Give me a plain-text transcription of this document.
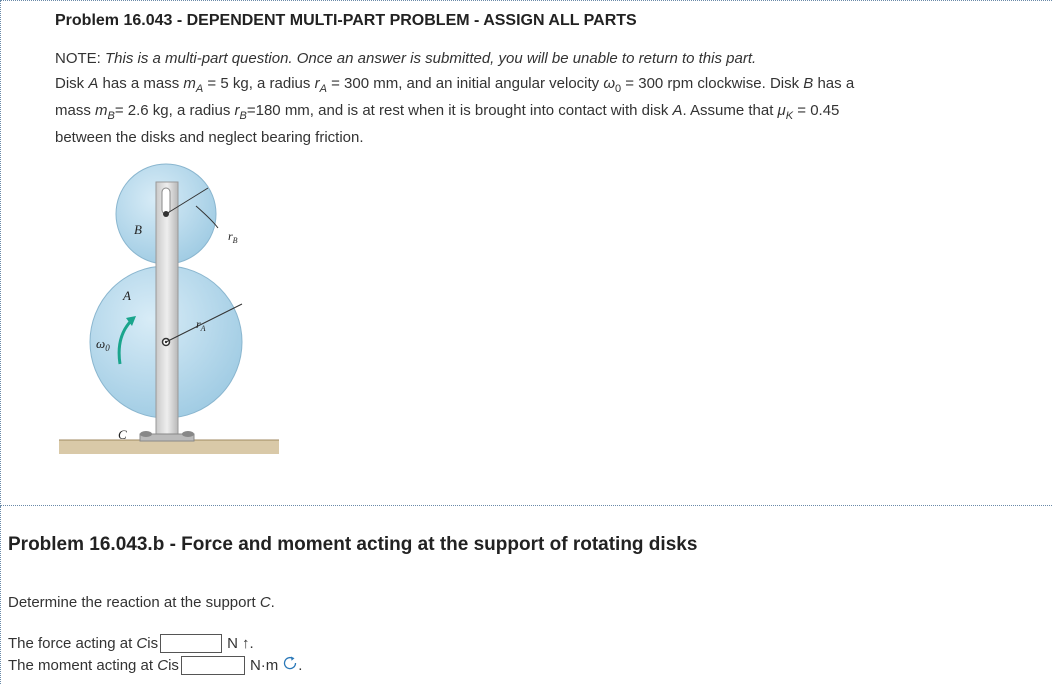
Problem 16.043 - DEPENDENT MULTI-PART PROBLEM - ASSIGN ALL PARTS
NOTE: This is a multi-part question. Once an answer is submitted, you will be unable to return to this part.
Disk A has a mass $m_A = 5$ kg, a radius $r_A = 300$ mm, and an initial angular velocity $\omega_0 = 300$ rpm clockwise. Disk B has a
mass $m_B= 2.6$ kg, a radius $r_B=180$ mm, and is at rest when it is brought into contact with disk A. Assume that $\mu_K = 0.45$
between the disks and neglect bearing friction.
B
A
C
$r_B$
$r_A$
$\omega_0$
Problem 16.043.b - Force and moment acting at the support of rotating disks
Determine the reaction at the support C.
The force acting at
C is	N ↑.
The moment acting at
C is	N·m .
